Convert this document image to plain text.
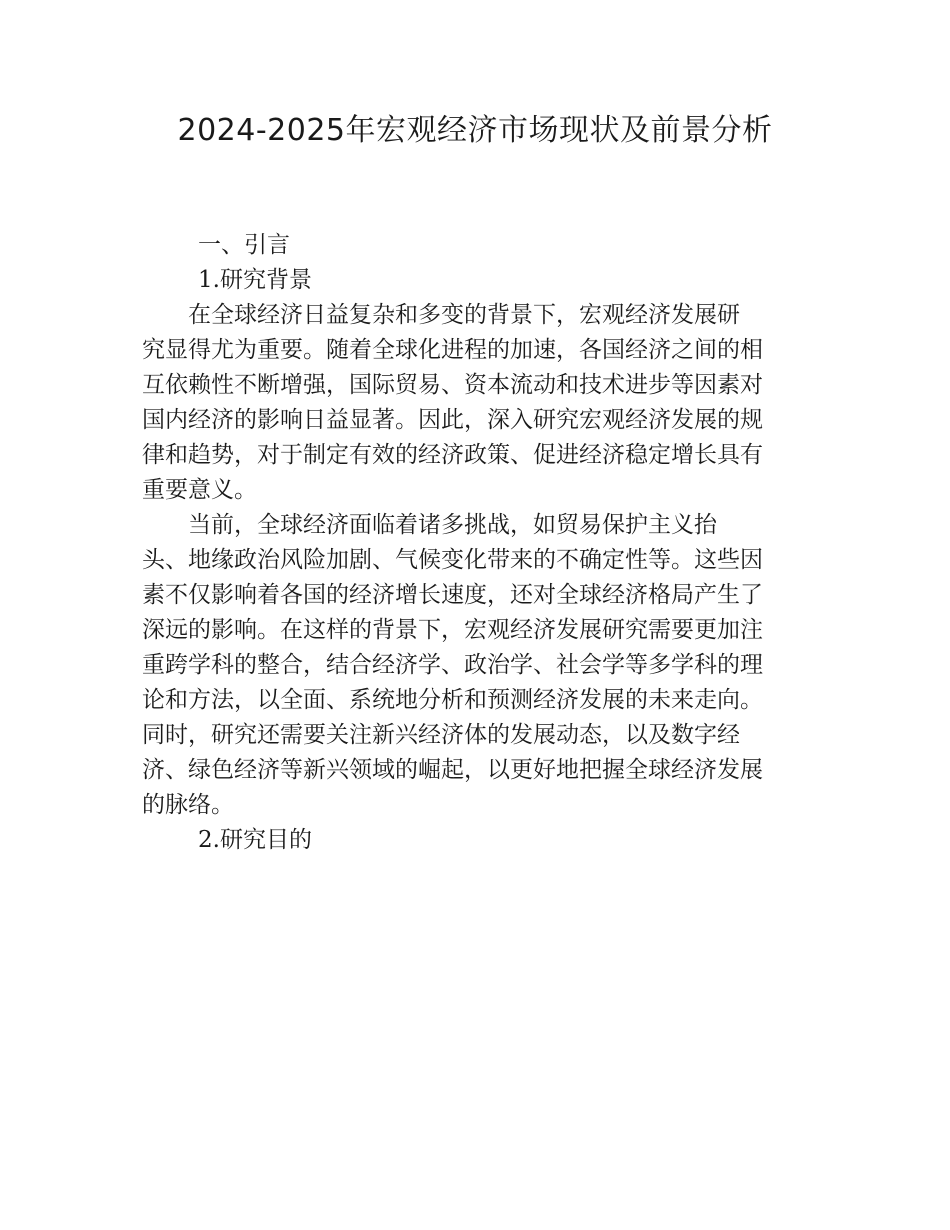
2024-2025年宏观经济市场现状及前景分析
一、引言
1.研究背景
在全球经济日益复杂和多变的背景下，宏观经济发展研
究显得尤为重要。随着全球化进程的加速，各国经济之间的相
互依赖性不断增强，国际贸易、资本流动和技术进步等因素对
国内经济的影响日益显著。因此，深入研究宏观经济发展的规
律和趋势，对于制定有效的经济政策、促进经济稳定增长具有
重要意义。
当前，全球经济面临着诸多挑战，如贸易保护主义抬
头、地缘政治风险加剧、气候变化带来的不确定性等。这些因
素不仅影响着各国的经济增长速度，还对全球经济格局产生了
深远的影响。在这样的背景下，宏观经济发展研究需要更加注
重跨学科的整合，结合经济学、政治学、社会学等多学科的理
论和方法，以全面、系统地分析和预测经济发展的未来走向。
同时，研究还需要关注新兴经济体的发展动态，以及数字经
济、绿色经济等新兴领域的崛起，以更好地把握全球经济发展
的脉络。
2.研究目的
